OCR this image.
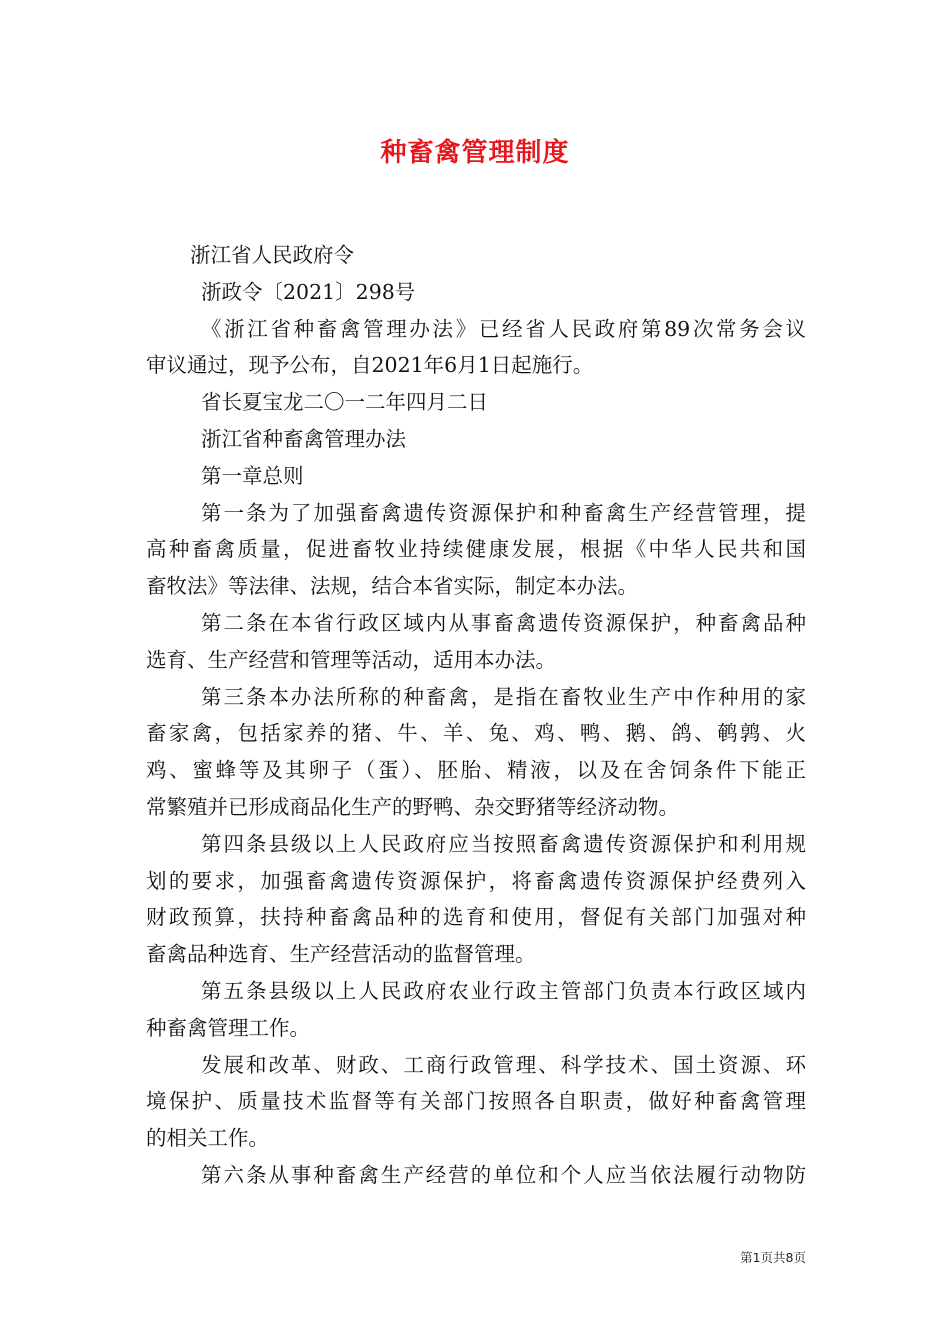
种畜禽管理制度
浙江省人民政府令
浙政令〔2021〕298号
《浙江省种畜禽管理办法》已经省人民政府第89次常务会议
审议通过，现予公布，自2021年6月1日起施行。
省长夏宝龙二〇一二年四月二日
浙江省种畜禽管理办法
第一章总则
第一条为了加强畜禽遗传资源保护和种畜禽生产经营管理，提
高种畜禽质量，促进畜牧业持续健康发展，根据《中华人民共和国
畜牧法》等法律、法规，结合本省实际，制定本办法。
第二条在本省行政区域内从事畜禽遗传资源保护，种畜禽品种
选育、生产经营和管理等活动，适用本办法。
第三条本办法所称的种畜禽，是指在畜牧业生产中作种用的家
畜家禽，包括家养的猪、牛、羊、兔、鸡、鸭、鹅、鸽、鹌鹑、火
鸡、蜜蜂等及其卵子（蛋）、胚胎、精液，以及在舍饲条件下能正
常繁殖并已形成商品化生产的野鸭、杂交野猪等经济动物。
第四条县级以上人民政府应当按照畜禽遗传资源保护和利用规
划的要求，加强畜禽遗传资源保护，将畜禽遗传资源保护经费列入
财政预算，扶持种畜禽品种的选育和使用，督促有关部门加强对种
畜禽品种选育、生产经营活动的监督管理。
第五条县级以上人民政府农业行政主管部门负责本行政区域内
种畜禽管理工作。
发展和改革、财政、工商行政管理、科学技术、国土资源、环
境保护、质量技术监督等有关部门按照各自职责，做好种畜禽管理
的相关工作。
第六条从事种畜禽生产经营的单位和个人应当依法履行动物防
第1页共8页
